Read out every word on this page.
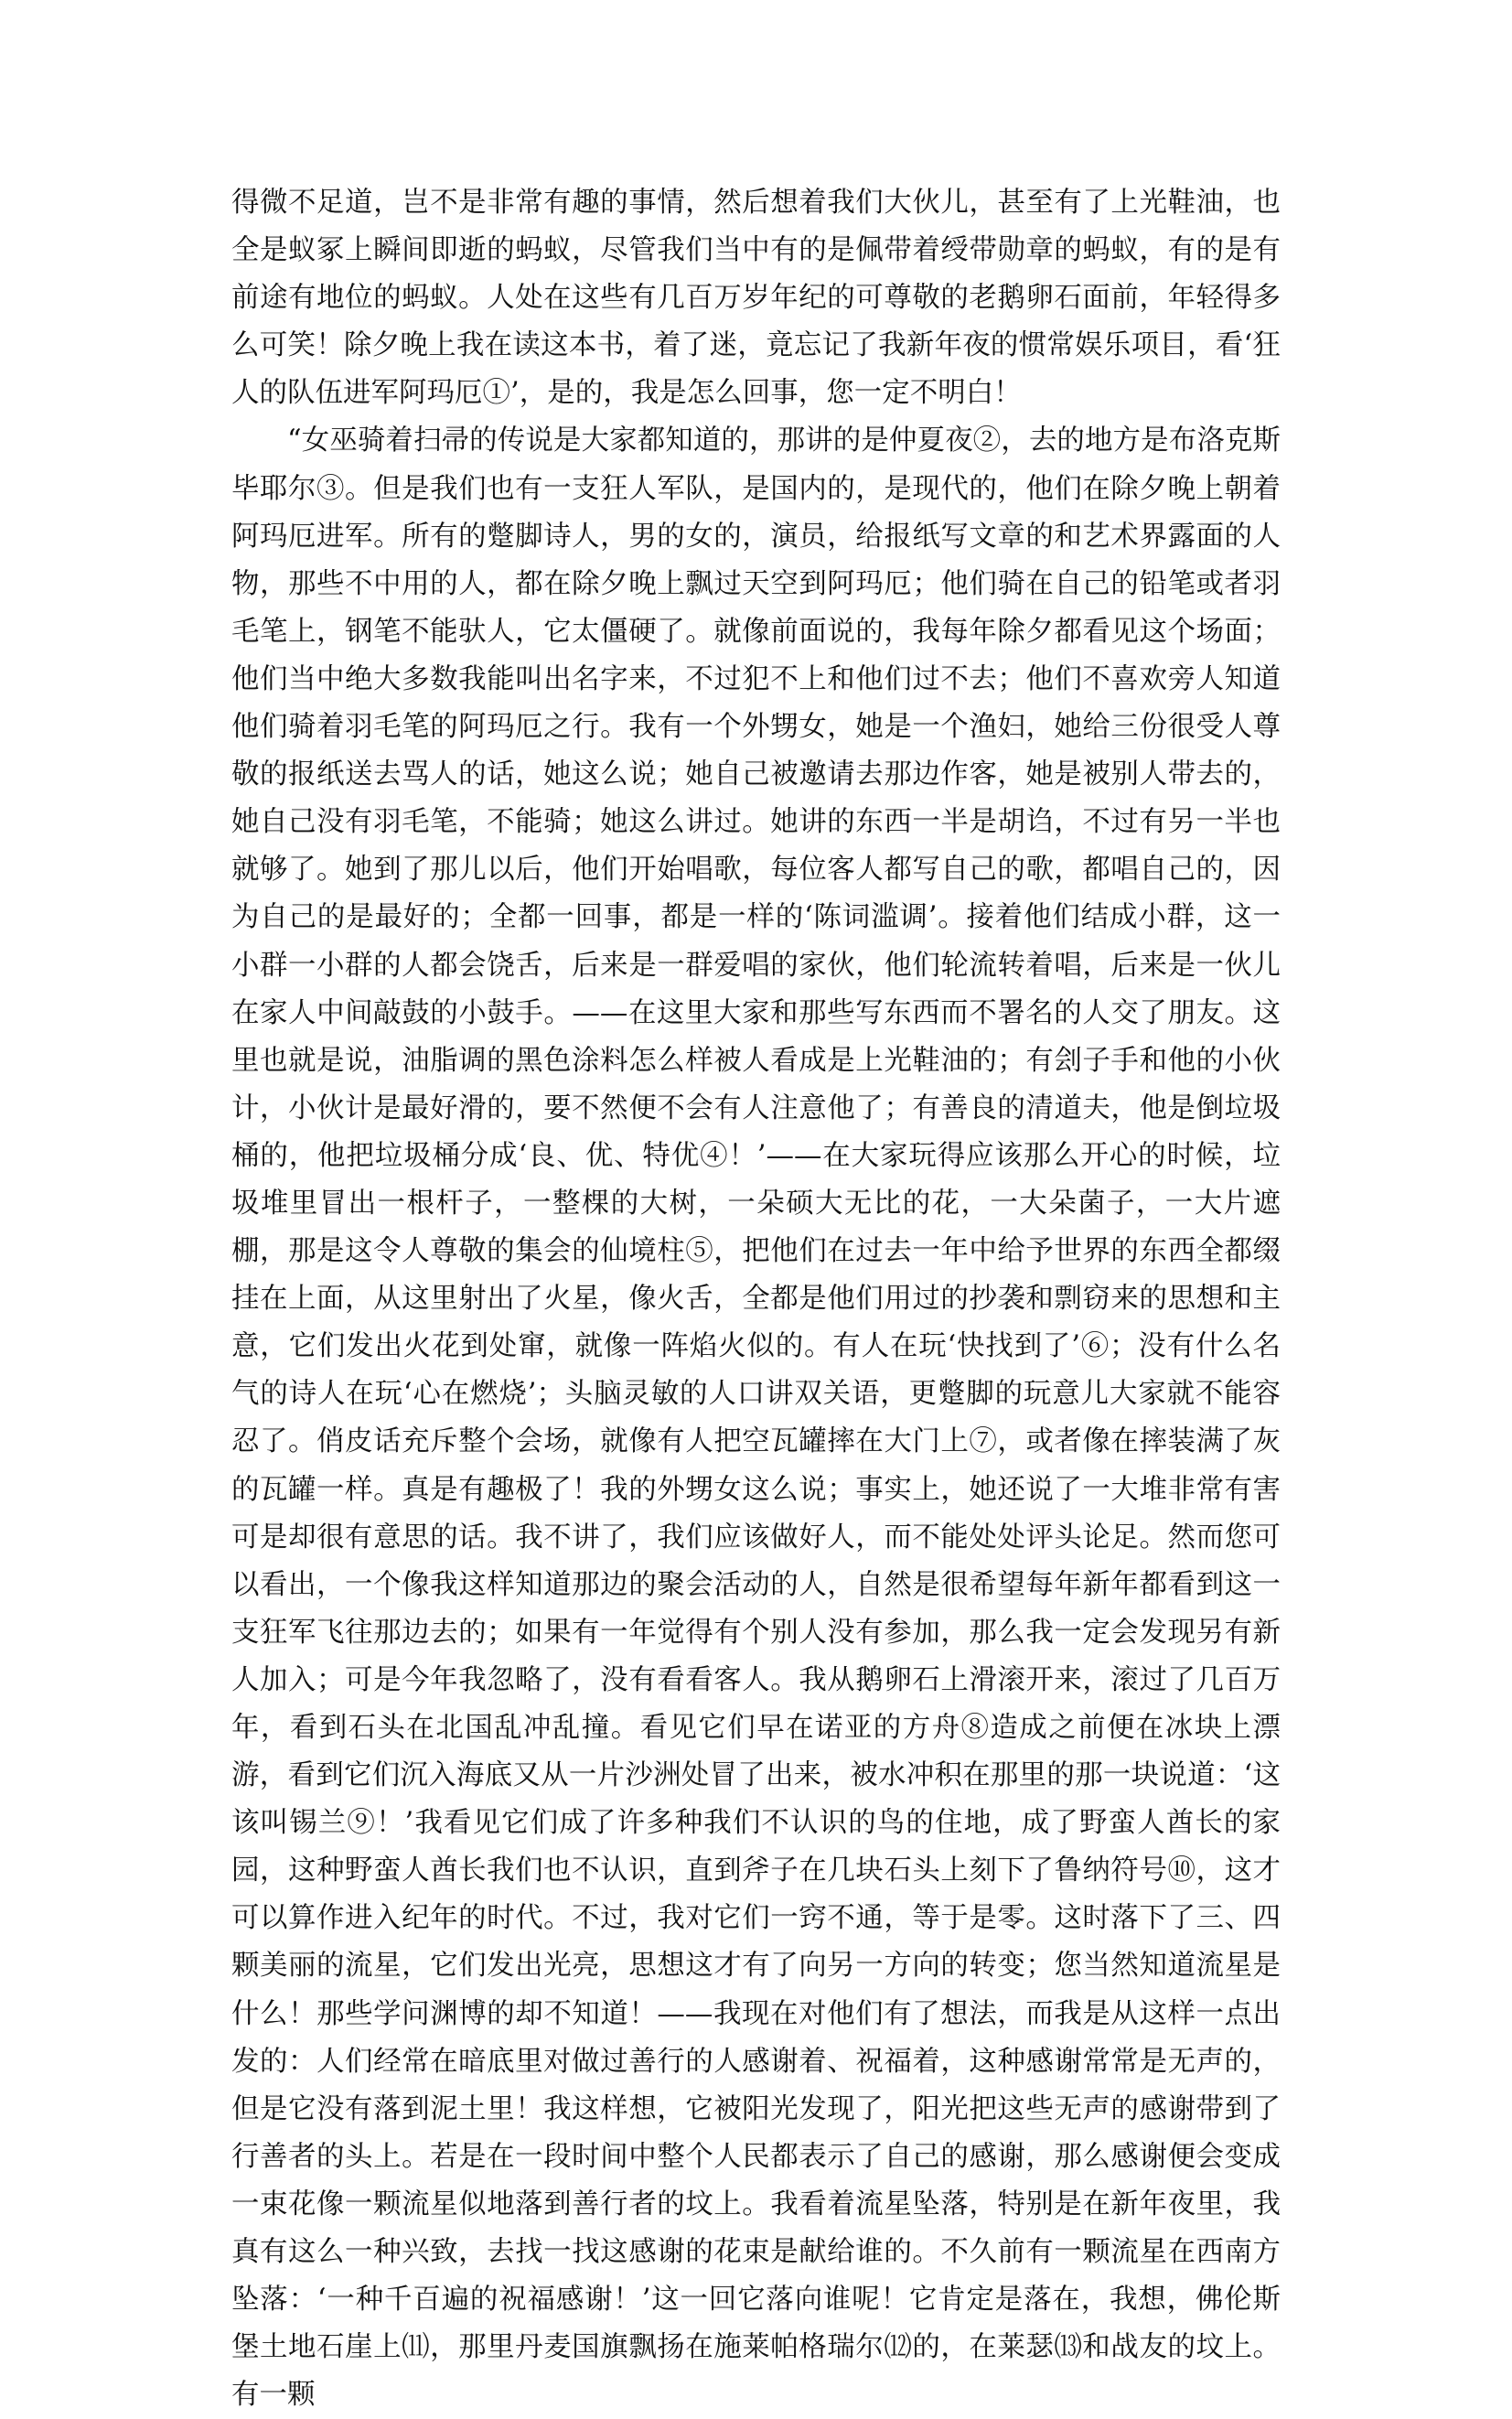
得微不足道，岂不是非常有趣的事情，然后想着我们大伙儿，甚至有了上光鞋油，也全是蚁冢上瞬间即逝的蚂蚁，尽管我们当中有的是佩带着绶带勋章的蚂蚁，有的是有前途有地位的蚂蚁。人处在这些有几百万岁年纪的可尊敬的老鹅卵石面前，年轻得多么可笑！除夕晚上我在读这本书，着了迷，竟忘记了我新年夜的惯常娱乐项目，看‘狂人的队伍进军阿玛厄①’，是的，我是怎么回事，您一定不明白！

“女巫骑着扫帚的传说是大家都知道的，那讲的是仲夏夜②，去的地方是布洛克斯毕耶尔③。但是我们也有一支狂人军队，是国内的，是现代的，他们在除夕晚上朝着阿玛厄进军。所有的蹩脚诗人，男的女的，演员，给报纸写文章的和艺术界露面的人物，那些不中用的人，都在除夕晚上飘过天空到阿玛厄；他们骑在自己的铅笔或者羽毛笔上，钢笔不能驮人，它太僵硬了。就像前面说的，我每年除夕都看见这个场面；他们当中绝大多数我能叫出名字来，不过犯不上和他们过不去；他们不喜欢旁人知道他们骑着羽毛笔的阿玛厄之行。我有一个外甥女，她是一个渔妇，她给三份很受人尊敬的报纸送去骂人的话，她这么说；她自己被邀请去那边作客，她是被别人带去的，她自己没有羽毛笔，不能骑；她这么讲过。她讲的东西一半是胡诌，不过有另一半也就够了。她到了那儿以后，他们开始唱歌，每位客人都写自己的歌，都唱自己的，因为自己的是最好的；全都一回事，都是一样的‘陈词滥调’。接着他们结成小群，这一小群一小群的人都会饶舌，后来是一群爱唱的家伙，他们轮流转着唱，后来是一伙儿在家人中间敲鼓的小鼓手。——在这里大家和那些写东西而不署名的人交了朋友。这里也就是说，油脂调的黑色涂料怎么样被人看成是上光鞋油的；有刽子手和他的小伙计，小伙计是最好滑的，要不然便不会有人注意他了；有善良的清道夫，他是倒垃圾桶的，他把垃圾桶分成‘良、优、特优④！’——在大家玩得应该那么开心的时候，垃圾堆里冒出一根杆子，一整棵的大树，一朵硕大无比的花，一大朵菌子，一大片遮棚，那是这令人尊敬的集会的仙境柱⑤，把他们在过去一年中给予世界的东西全都缀挂在上面，从这里射出了火星，像火舌，全都是他们用过的抄袭和剽窃来的思想和主意，它们发出火花到处窜，就像一阵焰火似的。有人在玩‘快找到了’⑥；没有什么名气的诗人在玩‘心在燃烧’；头脑灵敏的人口讲双关语，更蹩脚的玩意儿大家就不能容忍了。俏皮话充斥整个会场，就像有人把空瓦罐摔在大门上⑦，或者像在摔装满了灰的瓦罐一样。真是有趣极了！我的外甥女这么说；事实上，她还说了一大堆非常有害可是却很有意思的话。我不讲了，我们应该做好人，而不能处处评头论足。然而您可以看出，一个像我这样知道那边的聚会活动的人，自然是很希望每年新年都看到这一支狂军飞往那边去的；如果有一年觉得有个别人没有参加，那么我一定会发现另有新人加入；可是今年我忽略了，没有看看客人。我从鹅卵石上滑滚开来，滚过了几百万年，看到石头在北国乱冲乱撞。看见它们早在诺亚的方舟⑧造成之前便在冰块上漂游，看到它们沉入海底又从一片沙洲处冒了出来，被水冲积在那里的那一块说道：‘这该叫锡兰⑨！’我看见它们成了许多种我们不认识的鸟的住地，成了野蛮人酋长的家园，这种野蛮人酋长我们也不认识，直到斧子在几块石头上刻下了鲁纳符号⑩，这才可以算作进入纪年的时代。不过，我对它们一窍不通，等于是零。这时落下了三、四颗美丽的流星，它们发出光亮，思想这才有了向另一方向的转变；您当然知道流星是什么！那些学问渊博的却不知道！——我现在对他们有了想法，而我是从这样一点出发的：人们经常在暗底里对做过善行的人感谢着、祝福着，这种感谢常常是无声的，但是它没有落到泥土里！我这样想，它被阳光发现了，阳光把这些无声的感谢带到了行善者的头上。若是在一段时间中整个人民都表示了自己的感谢，那么感谢便会变成一束花像一颗流星似地落到善行者的坟上。我看着流星坠落，特别是在新年夜里，我真有这么一种兴致，去找一找这感谢的花束是献给谁的。不久前有一颗流星在西南方坠落：‘一种千百遍的祝福感谢！’这一回它落向谁呢！它肯定是落在，我想，佛伦斯堡土地石崖上⑾，那里丹麦国旗飘扬在施莱帕格瑞尔⑿的，在莱瑟⒀和战友的坟上。有一颗
